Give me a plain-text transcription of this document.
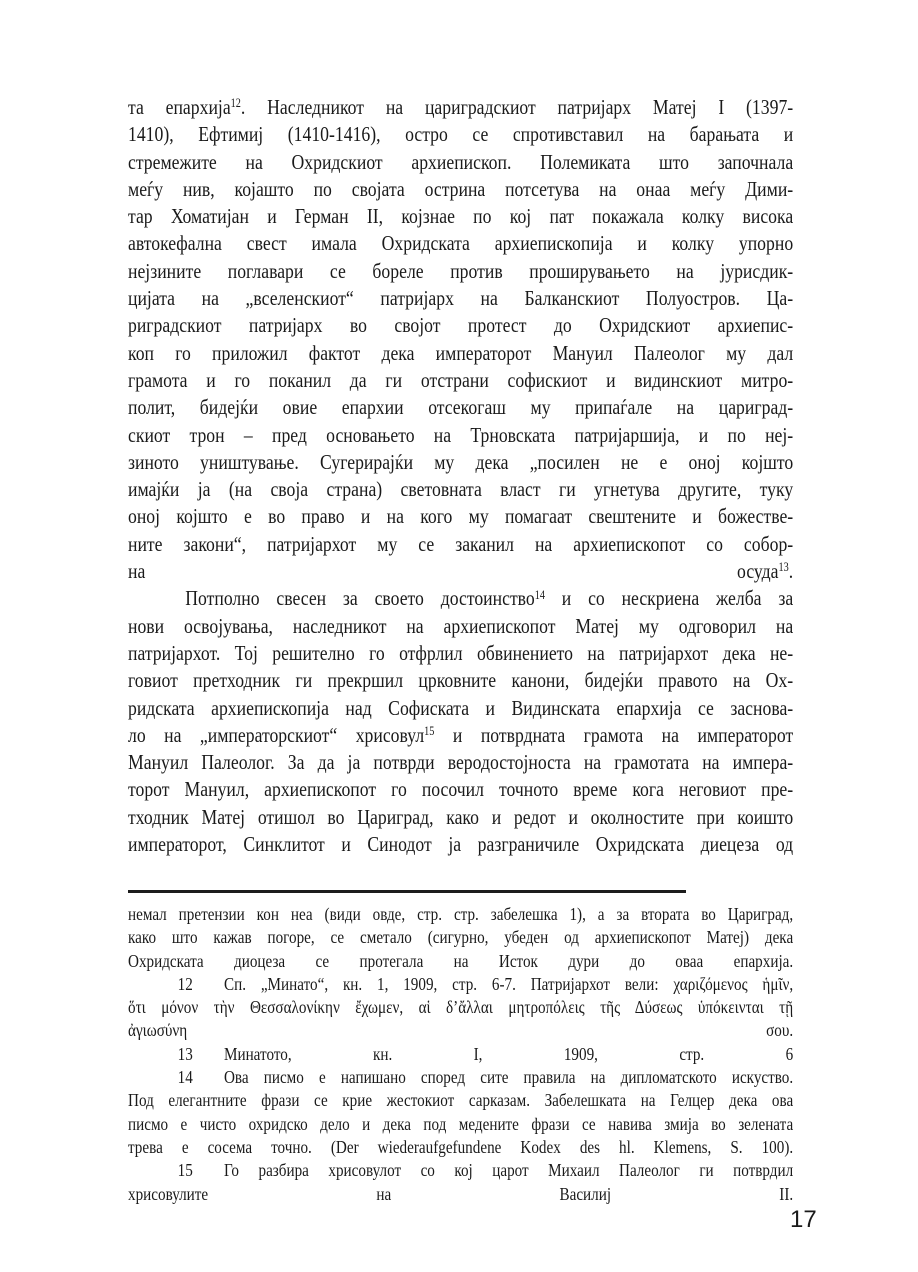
та епархија$^{12}$. Наследникот на цариградскиот патријарх Матеј I (1397-
1410), Ефтимиј (1410-1416), остро се спротивставил на барањата и
стремежите на Охридскиот архиепископ. Полемиката што започнала
меѓу нив, којашто по својата острина потсетува на онаа меѓу Дими-
тар Хоматијан и Герман II, којзнае по кој пат покажала колку висока
автокефална свест имала Охридската архиепископија и колку упорно
нејзините поглавари се бореле против проширувањето на јурисдик-
цијата на „вселенскиот“ патријарх на Балканскиот Полуостров. Ца-
риградскиот патријарх во својот протест до Охридскиот архиепис-
коп го приложил фактот дека императорот Мануил Палеолог му дал
грамота и го поканил да ги отстрани софискиот и видинскиот митро-
полит, бидејќи овие епархии отсекогаш му припаѓале на цариград-
скиот трон – пред основањето на Трновската патријаршија, и по неј-
зиното уништување. Сугерирајќи му дека „посилен не е оној којшто
имајќи ја (на своја страна) световната власт ги угнетува другите, туку
оној којшто е во право и на кого му помагаат свештените и божестве-
ните закони“, патријархот му се заканил на архиепископот со собор-
на осуда$^{13}$.
Потполно свесен за своето достоинство$^{14}$ и со нескриена желба за
нови освојувања, наследникот на архиепископот Матеј му одговорил на
патријархот. Тој решително го отфрлил обвинението на патријархот дека не-
говиот претходник ги прекршил црковните канони, бидејќи правото на Ох-
ридската архиепископија над Софиската и Видинската епархија се заснова-
ло на „императорскиот“ хрисовул$^{15}$ и потврдната грамота на императорот
Мануил Палеолог. За да ја потврди веродостојноста на грамотата на импера-
торот Мануил, архиепископот го посочил точното време кога неговиот пре-
тходник Матеј отишол во Цариград, како и редот и околностите при коишто
императорот, Синклитот и Синодот ја разграничиле Охридската диецеза од
немал претензии кон неа (види овде, стр. стр. забелешка 1), а за втората во Цариград,
како што кажав погоре, се сметало (сигурно, убеден од архиепископот Матеј) дека
Охридската диоцеза се протегала на Исток дури до оваа епархија.
12 Сп. „Минато“, кн. 1, 1909, стр. 6-7. Патријархот вели: χαριζόμενος ἡμῖν,
ὅτι μόνον τὴν Θεσσαλονίκην ἔχωμεν, αἱ δ’ἄλλαι μητροπόλεις τῆς Δύσεως ὑπόκεινται τῇ
ἀγιωσύνη σου.
13 Минатото, кн. I, 1909, стр. 6
14 Ова писмо е напишано според сите правила на дипломатското искуство.
Под елегантните фрази се крие жестокиот сарказам. Забелешката на Гелцер дека ова
писмо е чисто охридско дело и дека под медените фрази се навива змија во зелената
трева е сосема точно. (Der wiederaufgefundene Kodex des hl. Klemens, S. 100).
15 Го разбира хрисовулот со кој царот Михаил Палеолог ги потврдил
хрисовулите на Василиј II.
17
